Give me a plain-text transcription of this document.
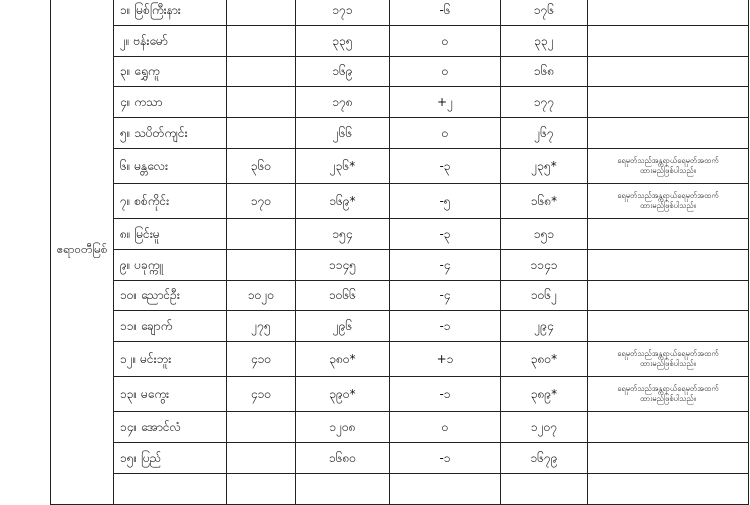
ဧရာဝတီမြစ်	၁။ မြစ်ကြီးနား		၁၇၁	-၆	၁၇၆	

	၂။ ဗန်းမော်		၃၃၅	၀	၃၃၂	

	၃။ ရွှေကူ		၁၆၉	၀	၁၆၈	

	၄။ ကသာ		၁၇၈	+၂	၁၇၇	

	၅။ သပိတ်ကျင်း		၂၆၆	၀	၂၆၇	

	၆။ မန္တလေး	၃၆၀	၂၃၆*	-၃	၂၃၅*	ရေမှတ်သည်အန္တရာယ်ရေမှတ်အထက်
ထားမည်ဖြစ်ပါသည်။

	၇။ စစ်ကိုင်း	၁၇၀	၁၆၉*	-၅	၁၆၈*	ရေမှတ်သည်အန္တရာယ်ရေမှတ်အထက်
ထားမည်ဖြစ်ပါသည်။

	၈။ မြင်းမူ		၁၅၄	-၃	၁၅၁	

	၉။ ပခုက္ကူ		၁၁၄၅	-၄	၁၁၄၁	

	၁၀။ ညောင်ဦး	၁၀၂၀	၁၀၆၆	-၄	၁၀၆၂	

	၁၁။ ချောက်	၂၇၅	၂၉၆	-၁	၂၉၄	

	၁၂။ မင်းဘူး	၄၁၀	၃၈၀*	+၁	၃၈၀*	ရေမှတ်သည်အန္တရာယ်ရေမှတ်အထက်
ထားမည်ဖြစ်ပါသည်။

	၁၃။ မကွေး	၄၁၀	၃၉၀*	-၁	၃၈၉*	ရေမှတ်သည်အန္တရာယ်ရေမှတ်အထက်
ထားမည်ဖြစ်ပါသည်။

	၁၄။ အောင်လံ		၁၂၀၈	၀	၁၂၀၇	

	၁၅။ ပြည်		၁၆၈၀	-၁	၁၆၇၉	
